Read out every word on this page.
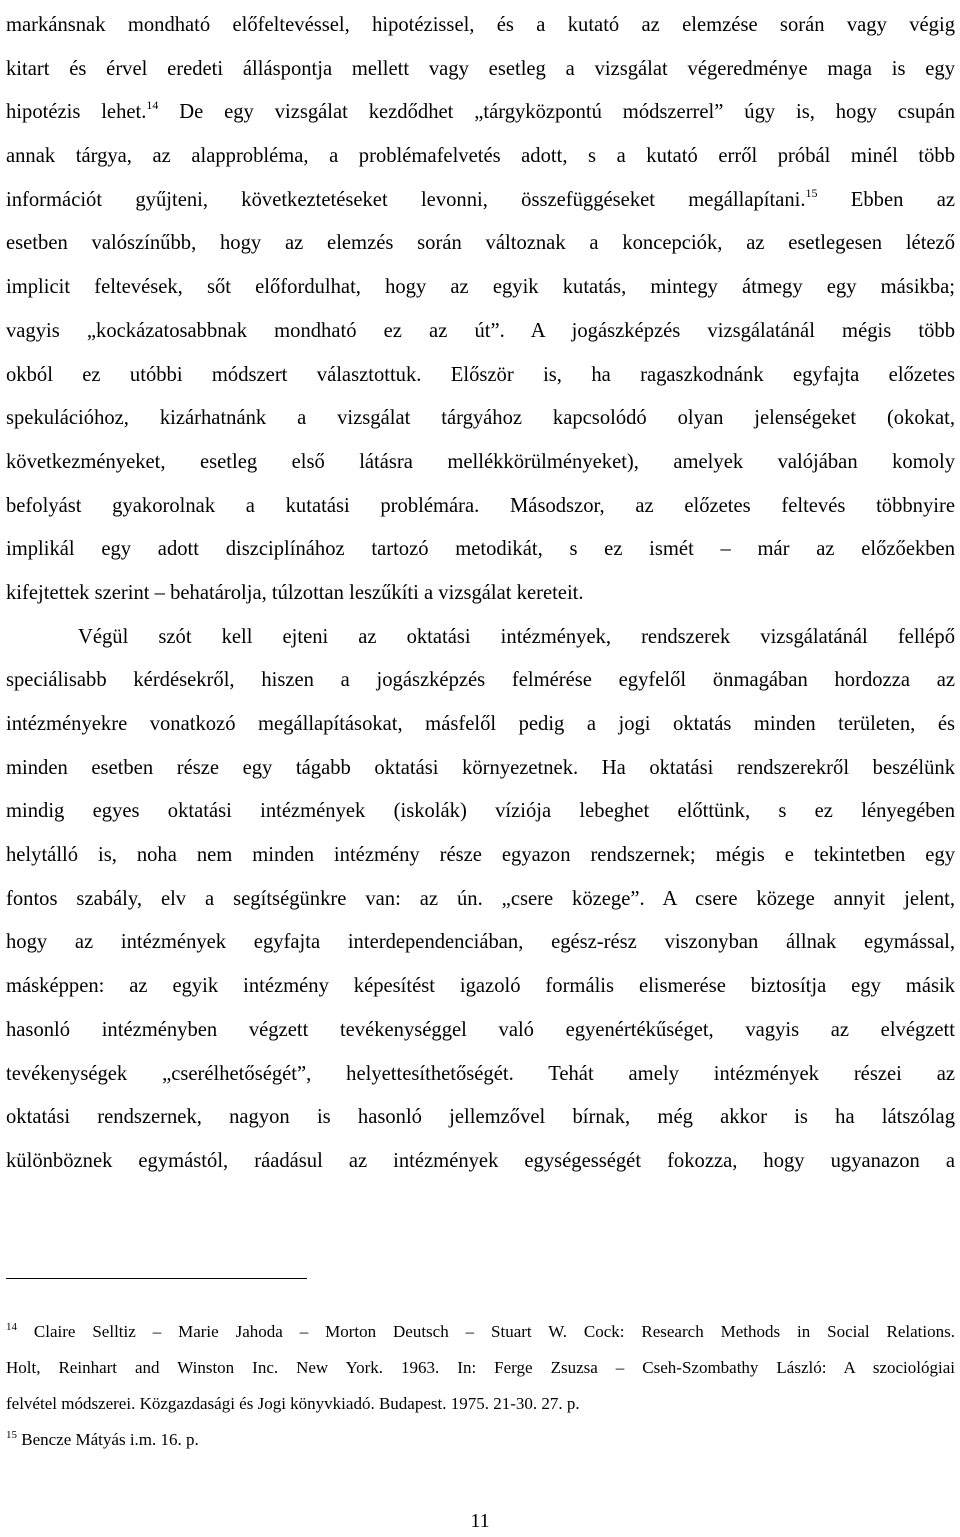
markánsnak mondható előfeltevéssel, hipotézissel, és a kutató az elemzése során vagy végig
kitart és érvel eredeti álláspontja mellett vagy esetleg a vizsgálat végeredménye maga is egy
hipotézis lehet.$^{14}$ De egy vizsgálat kezdődhet „tárgyközpontú módszerrel” úgy is, hogy csupán
annak tárgya, az alapprobléma, a problémafelvetés adott, s a kutató erről próbál minél több
információt gyűjteni, következtetéseket levonni, összefüggéseket megállapítani.$^{15}$ Ebben az
esetben valószínűbb, hogy az elemzés során változnak a koncepciók, az esetlegesen létező
implicit feltevések, sőt előfordulhat, hogy az egyik kutatás, mintegy átmegy egy másikba;
vagyis „kockázatosabbnak mondható ez az út”. A jogászképzés vizsgálatánál mégis több
okból ez utóbbi módszert választottuk. Először is, ha ragaszkodnánk egyfajta előzetes
spekulációhoz, kizárhatnánk a vizsgálat tárgyához kapcsolódó olyan jelenségeket (okokat,
következményeket, esetleg első látásra mellékkörülményeket), amelyek valójában komoly
befolyást gyakorolnak a kutatási problémára. Másodszor, az előzetes feltevés többnyire
implikál egy adott diszciplínához tartozó metodikát, s ez ismét – már az előzőekben
kifejtettek szerint – behatárolja, túlzottan leszűkíti a vizsgálat kereteit.
Végül szót kell ejteni az oktatási intézmények, rendszerek vizsgálatánál fellépő
speciálisabb kérdésekről, hiszen a jogászképzés felmérése egyfelől önmagában hordozza az
intézményekre vonatkozó megállapításokat, másfelől pedig a jogi oktatás minden területen, és
minden esetben része egy tágabb oktatási környezetnek. Ha oktatási rendszerekről beszélünk
mindig egyes oktatási intézmények (iskolák) víziója lebeghet előttünk, s ez lényegében
helytálló is, noha nem minden intézmény része egyazon rendszernek; mégis e tekintetben egy
fontos szabály, elv a segítségünkre van: az ún. „csere közege”. A csere közege annyit jelent,
hogy az intézmények egyfajta interdependenciában, egész-rész viszonyban állnak egymással,
másképpen: az egyik intézmény képesítést igazoló formális elismerése biztosítja egy másik
hasonló intézményben végzett tevékenységgel való egyenértékűséget, vagyis az elvégzett
tevékenységek „cserélhetőségét”, helyettesíthetőségét. Tehát amely intézmények részei az
oktatási rendszernek, nagyon is hasonló jellemzővel bírnak, még akkor is ha látszólag
különböznek egymástól, ráadásul az intézmények egységességét fokozza, hogy ugyanazon a
$^{14}$ Claire Selltiz – Marie Jahoda – Morton Deutsch – Stuart W. Cock: Research Methods in Social Relations.
Holt, Reinhart and Winston Inc. New York. 1963. In: Ferge Zsuzsa – Cseh-Szombathy László: A szociológiai
felvétel módszerei. Közgazdasági és Jogi könyvkiadó. Budapest. 1975. 21-30. 27. p.
$^{15}$ Bencze Mátyás i.m. 16. p.
11
